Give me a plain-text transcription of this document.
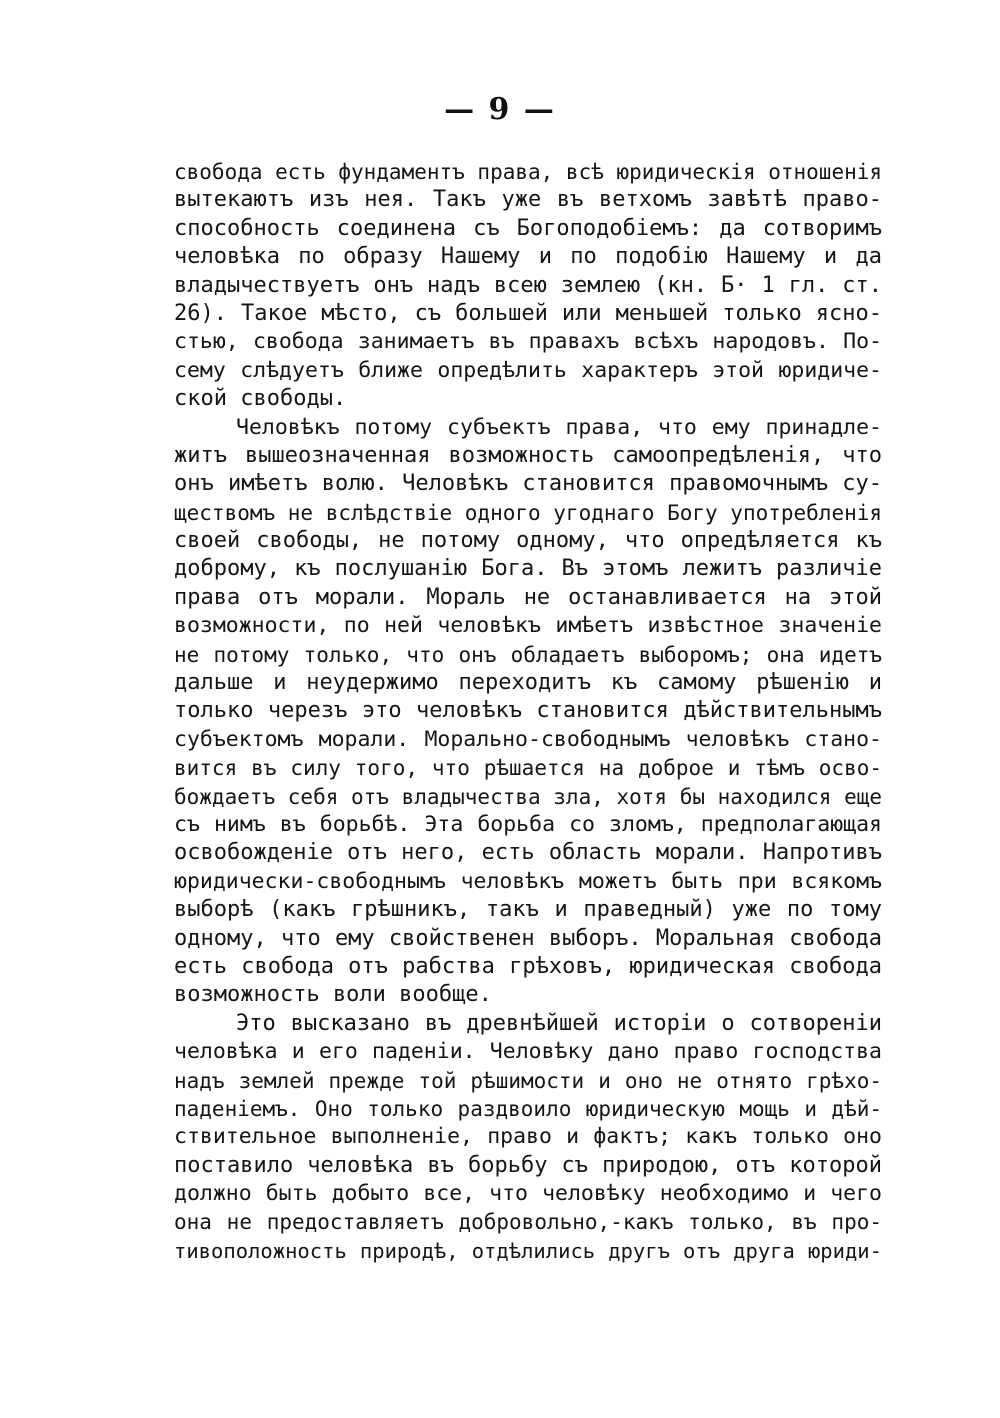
— 9 —
свобода есть фундаментъ права, всѣ юридическія отношенія
вытекаютъ изъ нея. Такъ уже въ ветхомъ завѣтѣ право-
способность соединена съ Богоподобіемъ: да сотворимъ
человѣка по образу Нашему и по подобію Нашему и да
владычествуетъ онъ надъ всею землею (кн. Б· 1 гл. ст.
26). Такое мѣсто, съ большей или меньшей только ясно-
стью, свобода занимаетъ въ правахъ всѣхъ народовъ. По-
сему слѣдуетъ ближе опредѣлить характеръ этой юридиче-
ской свободы.
Человѣкъ потому субъектъ права, что ему принадле-
житъ вышеозначенная возможность самоопредѣленія, что
онъ имѣетъ волю. Человѣкъ становится правомочнымъ су-
ществомъ не вслѣдствіе одного угоднаго Богу употребленія
своей свободы, не потому одному, что опредѣляется къ
доброму, къ послушанію Бога. Въ этомъ лежитъ различіе
права отъ морали. Мораль не останавливается на этой
возможности, по ней человѣкъ имѣетъ извѣстное значеніе
не потому только, что онъ обладаетъ выборомъ; она идетъ
дальше и неудержимо переходитъ къ самому рѣшенію и
только черезъ это человѣкъ становится дѣйствительнымъ
субъектомъ морали. Морально-свободнымъ человѣкъ стано-
вится въ силу того, что рѣшается на доброе и тѣмъ осво-
бождаетъ себя отъ владычества зла, хотя бы находился еще
съ нимъ въ борьбѣ. Эта борьба со зломъ, предполагающая
освобожденіе отъ него, есть область морали. Напротивъ
юридически-свободнымъ человѣкъ можетъ быть при всякомъ
выборѣ (какъ грѣшникъ, такъ и праведный) уже по тому
одному, что ему свойственен выборъ. Моральная свобода
есть свобода отъ рабства грѣховъ, юридическая свобода
возможность воли вообще.
Это высказано въ древнѣйшей исторіи о сотвореніи
человѣка и его паденіи. Человѣку дано право господства
надъ землей прежде той рѣшимости и оно не отнято грѣхо-
паденіемъ. Оно только раздвоило юридическую мощь и дѣй-
ствительное выполненіе, право и фактъ; какъ только оно
поставило человѣка въ борьбу съ природою, отъ которой
должно быть добыто все, что человѣку необходимо и чего
она не предоставляетъ добровольно,-какъ только, въ про-
тивоположность природѣ, отдѣлились другъ отъ друга юриди-
